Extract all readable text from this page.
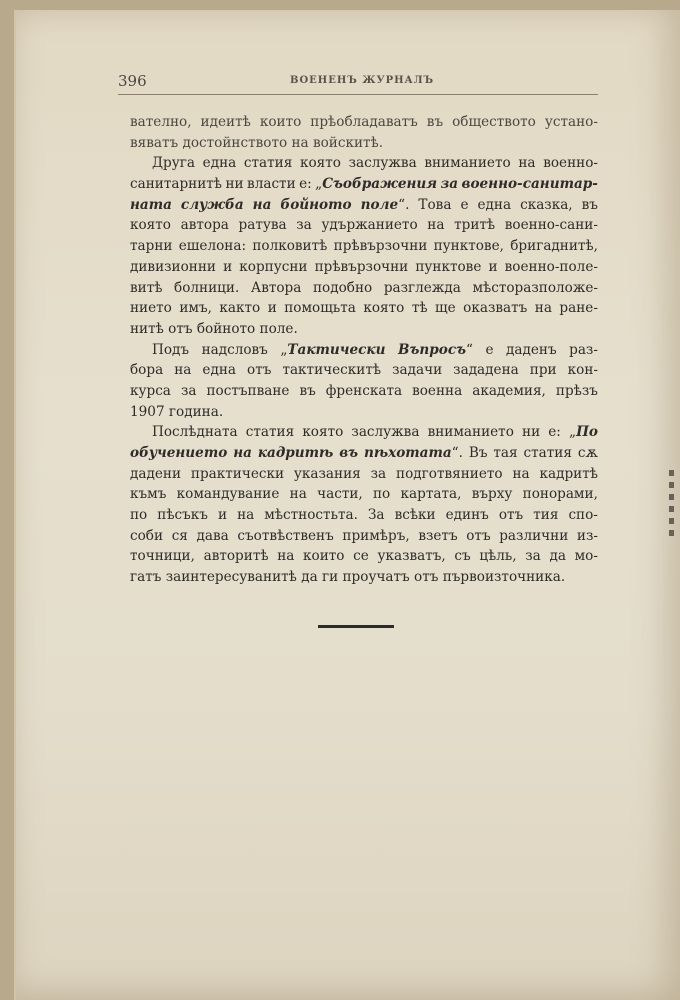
396	ВОЕНЕНЪ ЖУРНАЛЪ
вателно, идеитѣ които прѣобладаватъ въ обществото устано-
вяватъ достойнството на войскитѣ.
Друга една статия която заслужва вниманието на военно-
санитарнитѣ ни власти е: „Съображения за военно-санитар-
ната служба на бойното поле“. Това е една сказка, въ
която автора ратува за удържанието на тритѣ военно-сани-
тарни ешелона: полковитѣ прѣвързочни пунктове, бригаднитѣ,
дивизионни и корпусни прѣвързочни пунктове и военно-поле-
витѣ болници. Автора подобно разглежда мѣсторазположе-
нието имъ, както и помощьта която тѣ ще оказватъ на ране-
нитѣ отъ бойното поле.
Подъ надсловъ „Тактически Въпросъ“ е даденъ раз-
бора на една отъ тактическитѣ задачи зададена при кон-
курса за постъпване въ френската военна академия, прѣзъ
1907 година.
Послѣдната статия която заслужва вниманието ни е: „По
обучението на кадритѣ въ пѣхотата“. Въ тая статия сѫ
дадени практически указания за подготвянието на кадритѣ
къмъ командувание на части, по картата, върху понорами,
по пѣсъкъ и на мѣстностьта. За всѣки единъ отъ тия спо-
соби ся дава съотвѣственъ примѣръ, взетъ отъ различни из-
точници, авторитѣ на които се указватъ, съ цѣль, за да мо-
гатъ заинтересуванитѣ да ги проучатъ отъ първоизточника.
